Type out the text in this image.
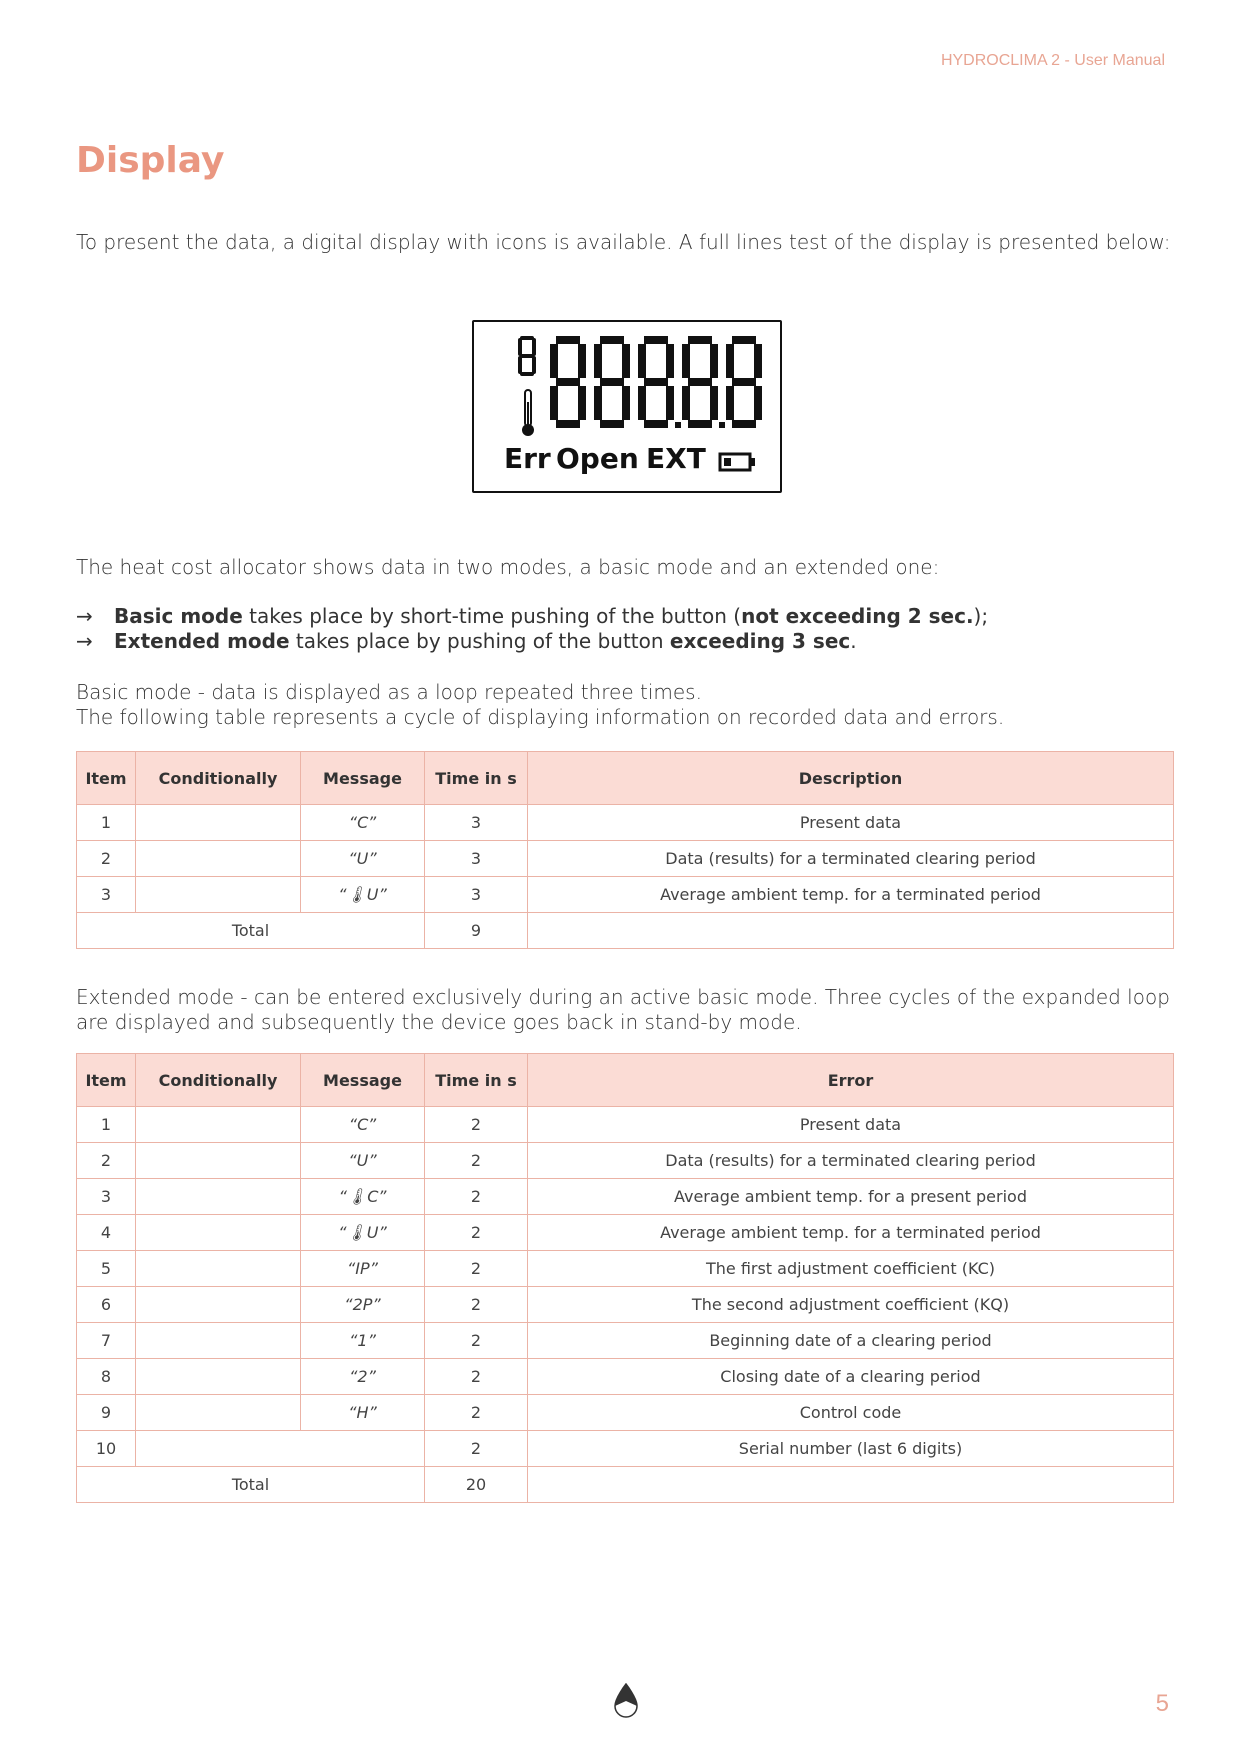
HYDROCLIMA 2 - User Manual
Display

To present the data, a digital display with icons is available. A full lines test of the display is presented below:

Err Open EXT

The heat cost allocator shows data in two modes, a basic mode and an extended one:

→ Basic mode takes place by short-time pushing of the button (not exceeding 2 sec.);
→ Extended mode takes place by pushing of the button exceeding 3 sec.

Basic mode - data is displayed as a loop repeated three times.

The following table represents a cycle of displaying information on recorded data and errors.

Item	Conditionally	Message	Time in s	Description
1		“C”	3	Present data
2		“U”	3	Data (results) for a terminated clearing period
3		“🌡U”	3	Average ambient temp. for a terminated period
Total			9	

Extended mode - can be entered exclusively during an active basic mode. Three cycles of the expanded loop are displayed and subsequently the device goes back in stand-by mode.

Item	Conditionally	Message	Time in s	Error
1		“C”	2	Present data
2		“U”	2	Data (results) for a terminated clearing period
3		“🌡C”	2	Average ambient temp. for a present period
4		“🌡U”	2	Average ambient temp. for a terminated period
5		“IP”	2	The first adjustment coefficient (KC)
6		“2P”	2	The second adjustment coefficient (KQ)
7		“1”	2	Beginning date of a clearing period
8		“2”	2	Closing date of a clearing period
9		“H”	2	Control code
10			2	Serial number (last 6 digits)
Total			20	
5
